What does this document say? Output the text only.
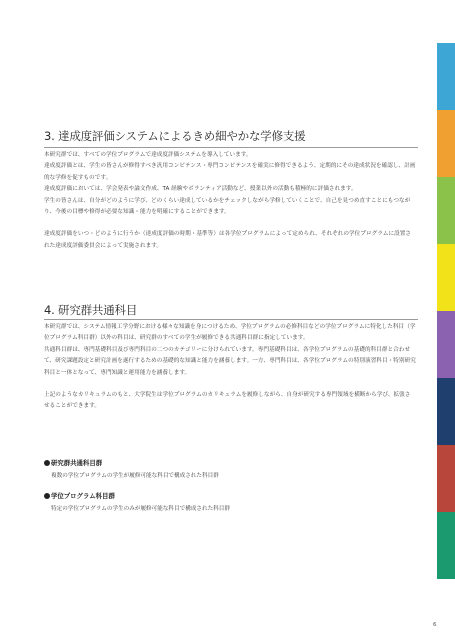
3. 達成度評価システムによるきめ細やかな学修支援

本研究群では、すべての学位プログラムで達成度評価システムを導入しています。

達成度評価とは、学生の皆さんが修得すべき汎用コンピテンス・専門コンピテンスを確実に修得できるよう、定期的にその達成状況を確認し、計画的な学修を促すものです。

達成度評価においては、学会発表や論文作成、TA 経験やボランティア活動など、授業以外の活動も積極的に評価されます。

学生の皆さんは、自分がどのように学び、どのくらい達成しているかをチェックしながら学修していくことで、自己を見つめ直すことにもつながり、今後の目標や修得が必要な知識・能力を明確にすることができます。

達成度評価をいつ・どのように行うか（達成度評価の時期・基準等）は各学位プログラムによって定められ、それぞれの学位プログラムに設置された達成度評価委員会によって実施されます。

4. 研究群共通科目

本研究群では、システム情報工学分野における様々な知識を身につけるため、学位プログラムの必修科目などの学位プログラムに特化した科目（学位プログラム科目群）以外の科目は、研究群のすべての学生が履修できる共通科目群に指定しています。

共通科目群は、専門基礎科目及び専門科目の二つのカテゴリーに分けられています。専門基礎科目は、各学位プログラムの基礎的科目群と合わせて、研究課題設定と研究計画を遂行するための基礎的な知識と能力を涵養します。一方、専門科目は、各学位プログラムの特別演習科目・特別研究科目と一体となって、専門知識と運用能力を涵養します。

上記のようなカリキュラムのもと、大学院生は学位プログラムのカリキュラムを履修しながら、自身が研究する専門領域を横断から学び、拡張させることができます。

研究群共通科目群
複数の学位プログラムの学生が履修可能な科目で構成された科目群
学位プログラム科目群
特定の学位プログラムの学生のみが履修可能な科目で構成された科目群
6
